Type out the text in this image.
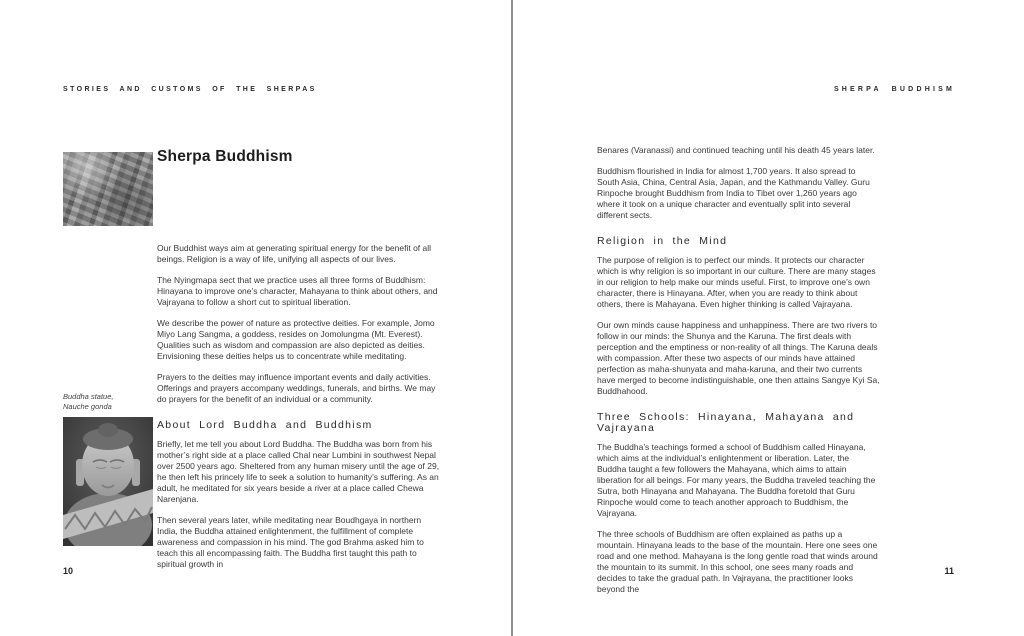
STORIES AND CUSTOMS OF THE SHERPAS
Sherpa Buddhism

Our Buddhist ways aim at generating spiritual energy for the benefit of all beings. Religion is a way of life, unifying all aspects of our lives.

The Nyingmapa sect that we practice uses all three forms of Buddhism: Hinayana to improve one’s character, Mahayana to think about others, and Vajrayana to follow a short cut to spiritual liberation.

We describe the power of nature as protective deities. For example, Jomo Miyo Lang Sangma, a goddess, resides on Jomolungma (Mt. Everest). Qualities such as wisdom and compassion are also depicted as deities. Envisioning these deities helps us to concentrate while meditating.

Prayers to the deities may influence important events and daily activities. Offerings and prayers accompany weddings, funerals, and births. We may do prayers for the benefit of an individual or a community.

About Lord Buddha and Buddhism

Briefly, let me tell you about Lord Buddha. The Buddha was born from his mother’s right side at a place called Chal near Lumbini in southwest Nepal over 2500 years ago. Sheltered from any human misery until the age of 29, he then left his princely life to seek a solution to humanity’s suffering. As an adult, he meditated for six years beside a river at a place called Chewa Narenjana.

Then several years later, while meditating near Boudhgaya in northern India, the Buddha attained enlightenment, the fulfillment of complete awareness and compassion in his mind. The god Brahma asked him to teach this all encompassing faith. The Buddha first taught this path to spiritual growth in

Buddha statue,
Nauche gonda
10
SHERPA BUDDHISM

Benares (Varanassi) and continued teaching until his death 45 years later.

Buddhism flourished in India for almost 1,700 years. It also spread to South Asia, China, Central Asia, Japan, and the Kathmandu Valley. Guru Rinpoche brought Buddhism from India to Tibet over 1,260 years ago where it took on a unique character and eventually split into several different sects.

Religion in the Mind

The purpose of religion is to perfect our minds. It protects our character which is why religion is so important in our culture. There are many stages in our religion to help make our minds useful. First, to improve one’s own character, there is Hinayana. After, when you are ready to think about others, there is Mahayana. Even higher thinking is called Vajrayana.

Our own minds cause happiness and unhappiness. There are two rivers to follow in our minds: the Shunya and the Karuna. The first deals with perception and the emptiness or non-reality of all things. The Karuna deals with compassion. After these two aspects of our minds have attained perfection as maha-shunyata and maha-karuna, and their two currents have merged to become indistinguishable, one then attains Sangye Kyi Sa, Buddhahood.

Three Schools: Hinayana, Mahayana and Vajrayana

The Buddha’s teachings formed a school of Buddhism called Hinayana, which aims at the individual’s enlightenment or liberation. Later, the Buddha taught a few followers the Mahayana, which aims to attain liberation for all beings. For many years, the Buddha traveled teaching the Sutra, both Hinayana and Mahayana. The Buddha foretold that Guru Rinpoche would come to teach another approach to Buddhism, the Vajrayana.

The three schools of Buddhism are often explained as paths up a mountain. Hinayana leads to the base of the mountain. Here one sees one road and one method. Mahayana is the long gentle road that winds around the mountain to its summit. In this school, one sees many roads and decides to take the gradual path. In Vajrayana, the practitioner looks beyond the

11
